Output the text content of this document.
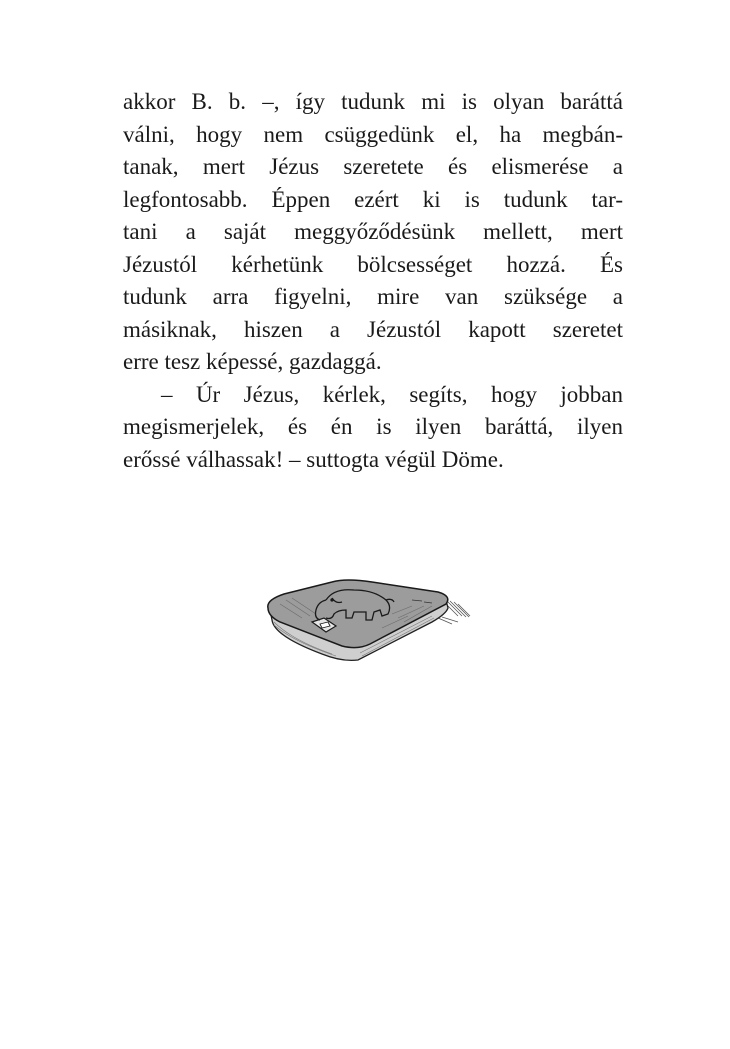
akkor B. b. –, így tudunk mi is olyan baráttá
válni, hogy nem csüggedünk el, ha megbán-
tanak, mert Jézus szeretete és elismerése a
legfontosabb. Éppen ezért ki is tudunk tar-
tani a saját meggyőződésünk mellett, mert
Jézustól kérhetünk bölcsességet hozzá. És
tudunk arra figyelni, mire van szüksége a
másiknak, hiszen a Jézustól kapott szeretet
erre tesz képessé, gazdaggá.
– Úr Jézus, kérlek, segíts, hogy jobban
megismerjelek, és én is ilyen baráttá, ilyen
erőssé válhassak! – suttogta végül Döme.
